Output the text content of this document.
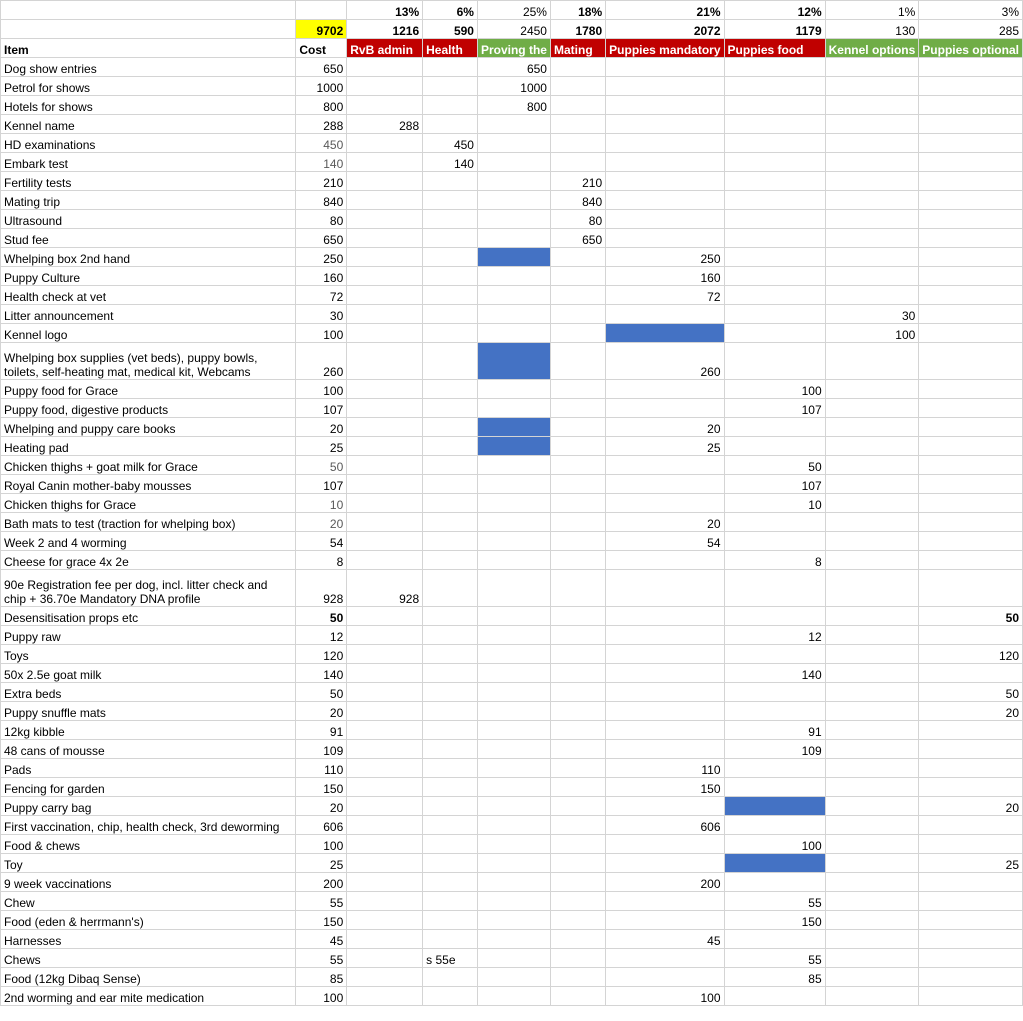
		13%	6%	25%	18%	21%	12%	1%	3%
	9702	1216	590	2450	1780	2072	1179	130	285
Item	Cost	RvB admin	Health	Proving the	Mating	Puppies mandatory	Puppies food	Kennel options	Puppies optional
Dog show entries	650			650					
Petrol for shows	1000			1000					
Hotels for shows	800			800					
Kennel name	288	288							
HD examinations	450		450						
Embark test	140		140						
Fertility tests	210				210				
Mating trip	840				840				
Ultrasound	80				80				
Stud fee	650				650				
Whelping box 2nd hand	250					250			
Puppy Culture	160					160			
Health check at vet	72					72			
Litter announcement	30							30	
Kennel logo	100							100	
Whelping box supplies (vet beds), puppy bowls, toilets, self-heating mat, medical kit, Webcams	260					260			
Puppy food for Grace	100						100		
Puppy food, digestive products	107						107		
Whelping and puppy care books	20					20			
Heating pad	25					25			
Chicken thighs + goat milk for Grace	50						50		
Royal Canin mother-baby mousses	107						107		
Chicken thighs for Grace	10						10		
Bath mats to test (traction for whelping box)	20					20			
Week 2 and 4 worming	54					54			
Cheese for grace 4x 2e	8						8		
90e Registration fee per dog, incl. litter check and chip + 36.70e Mandatory DNA profile	928	928							
Desensitisation props etc	50								50
Puppy raw	12						12		
Toys	120								120
50x 2.5e goat milk	140						140		
Extra beds	50								50
Puppy snuffle mats	20								20
12kg kibble	91						91		
48 cans of mousse	109						109		
Pads	110					110			
Fencing for garden	150					150			
Puppy carry bag	20								20
First vaccination, chip, health check, 3rd deworming	606					606			
Food & chews	100						100		
Toy	25								25
9 week vaccinations	200					200			
Chew	55						55		
Food (eden & herrmann's)	150						150		
Harnesses	45					45			
Chews	55		s 55e				55		
Food (12kg Dibaq Sense)	85						85		
2nd worming and ear mite medication	100					100			
